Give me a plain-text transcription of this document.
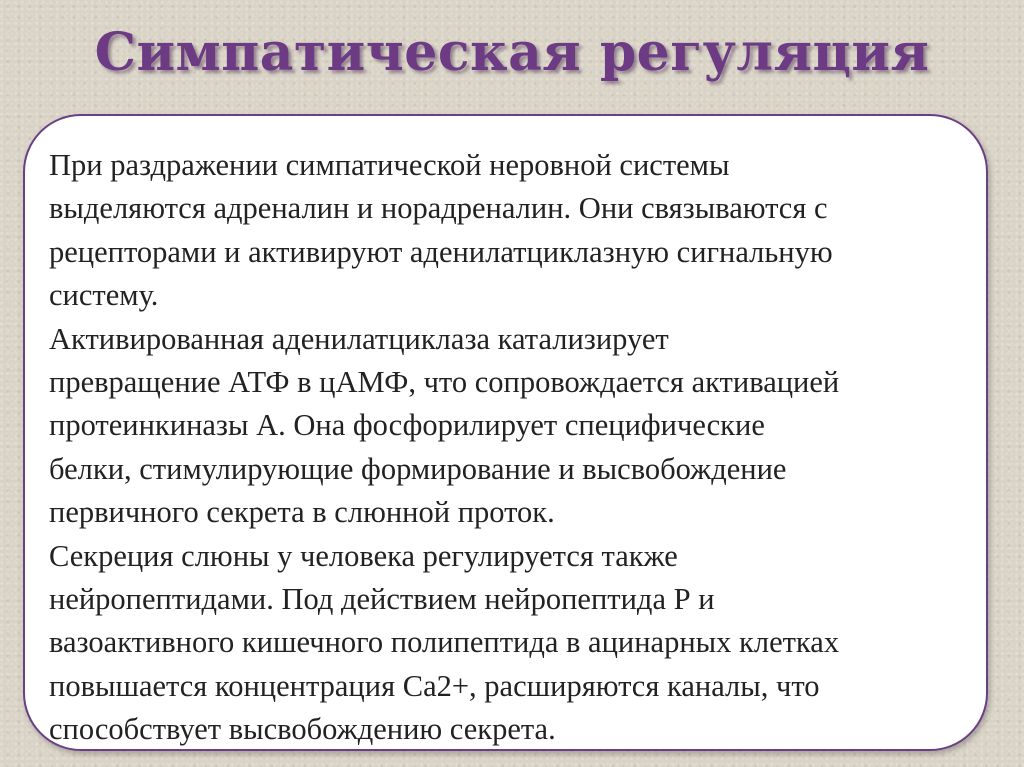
Симпатическая регуляция
При раздражении симпатической неровной системы
выделяются адреналин и норадреналин. Они связываются с
рецепторами и активируют аденилатциклазную сигнальную
систему.
Активированная аденилатциклаза катализирует
превращение АТФ в цАМФ, что сопровождается активацией
протеинкиназы А. Она фосфорилирует специфические
белки, стимулирующие формирование и высвобождение
первичного секрета в слюнной проток.
Секреция слюны у человека регулируется также
нейропептидами. Под действием нейропептида Р и
вазоактивного кишечного полипептида в ацинарных клетках
повышается концентрация Са2+, расширяются каналы, что
способствует высвобождению секрета.
